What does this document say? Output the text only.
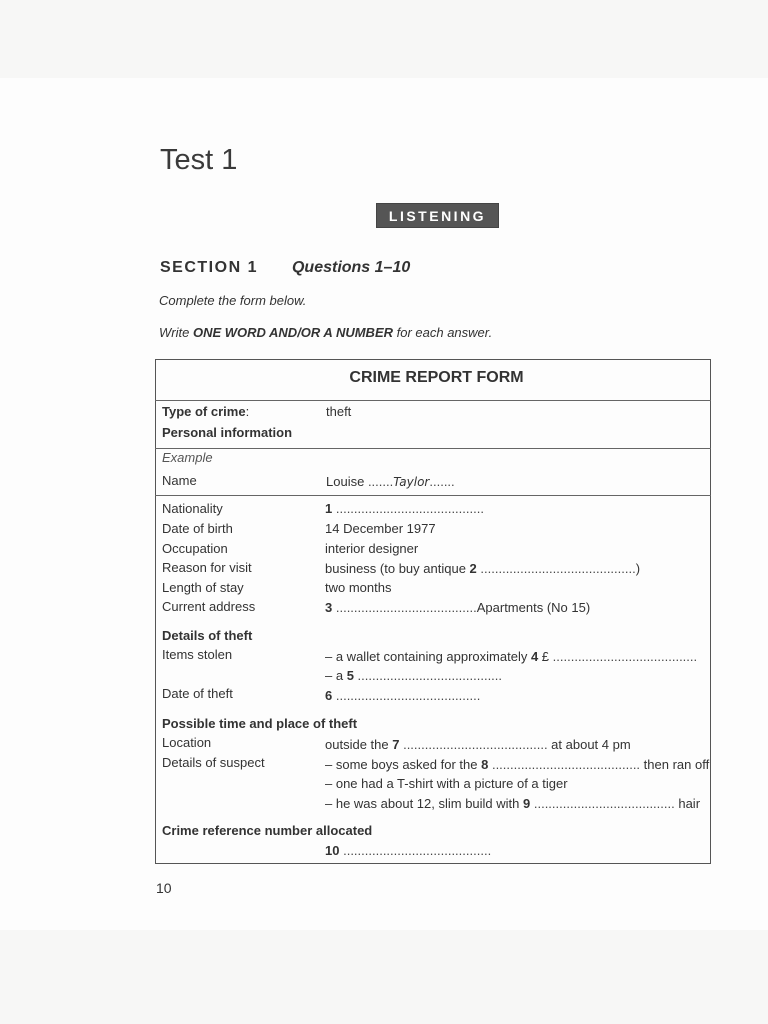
Test 1
LISTENING
SECTION 1 Questions 1–10
Complete the form below.
Write ONE WORD AND/OR A NUMBER for each answer.
CRIME REPORT FORM
Type of crime:	theft
Personal information
Example
Name	Louise .......Taylor.......
Nationality	1 .........................................
Date of birth	14 December 1977
Occupation	interior designer
Reason for visit	business (to buy antique 2 ...........................................)
Length of stay	two months
Current address	3 .......................................Apartments (No 15)
Details of theft
Items stolen	– a wallet containing approximately 4 £ ........................................
– a 5 ........................................
Date of theft	6 ........................................
Possible time and place of theft
Location	outside the 7 ........................................ at about 4 pm
Details of suspect	– some boys asked for the 8 ......................................... then ran off
– one had a T-shirt with a picture of a tiger
– he was about 12, slim build with 9 ....................................... hair
Crime reference number allocated
10 .........................................
10
